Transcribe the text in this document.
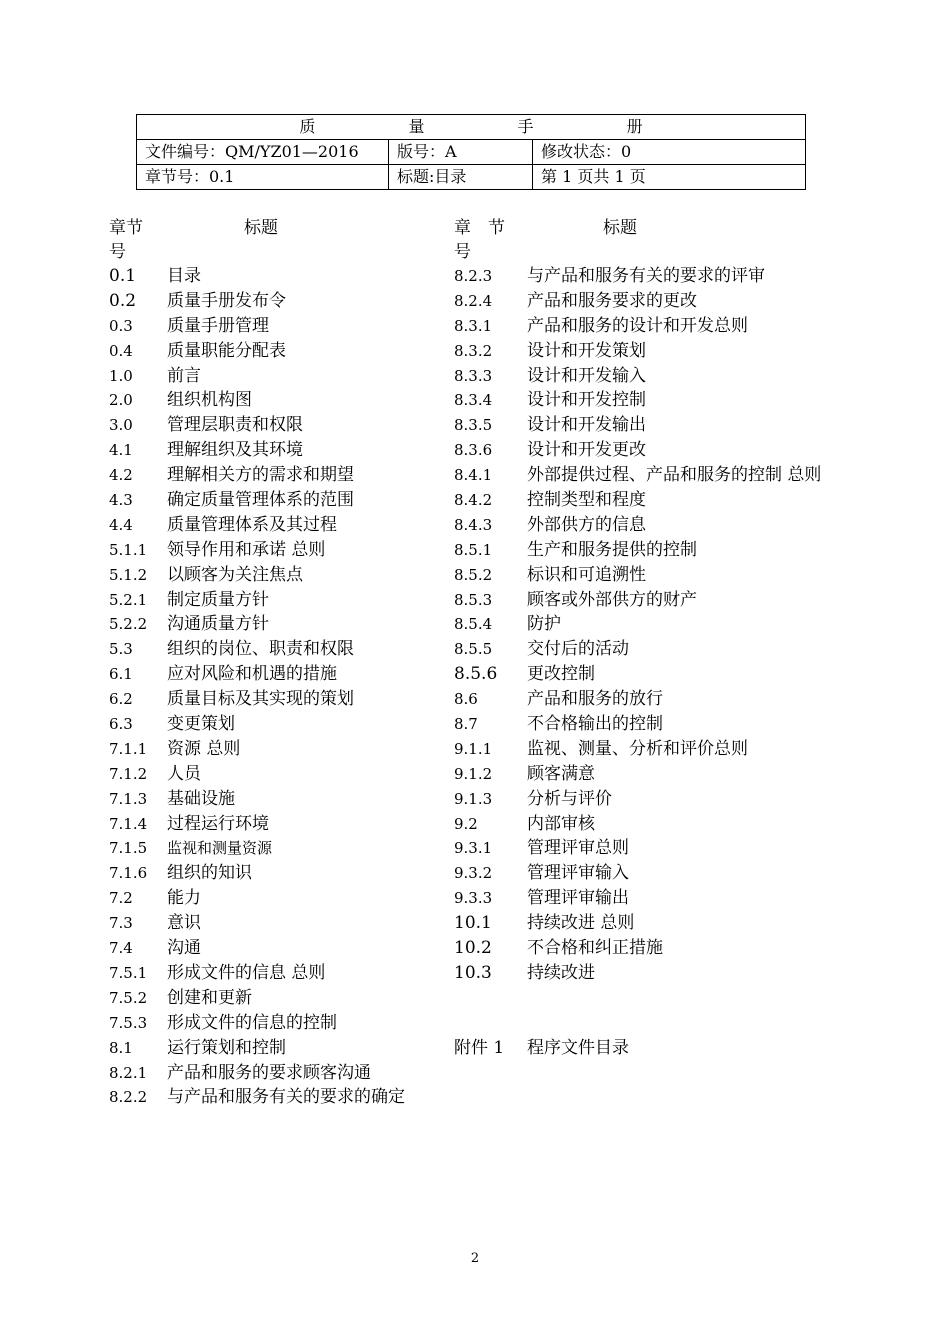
质 量 手 册		
文件编号：QM/YZ01—2016	版号：A	修改状态：0
章节号：0.1	标题:目录	第 1 页共 1 页
章节
号
标题
0.1 目录
0.2 质量手册发布令
0.3 质量手册管理
0.4 质量职能分配表
1.0 前言
2.0 组织机构图
3.0 管理层职责和权限
4.1 理解组织及其环境
4.2 理解相关方的需求和期望
4.3 确定质量管理体系的范围
4.4 质量管理体系及其过程
5.1.1 领导作用和承诺 总则
5.1.2 以顾客为关注焦点
5.2.1 制定质量方针
5.2.2 沟通质量方针
5.3 组织的岗位、职责和权限
6.1 应对风险和机遇的措施
6.2 质量目标及其实现的策划
6.3 变更策划
7.1.1 资源 总则
7.1.2 人员
7.1.3 基础设施
7.1.4 过程运行环境
7.1.5 监视和测量资源
7.1.6 组织的知识
7.2 能力
7.3 意识
7.4 沟通
7.5.1 形成文件的信息 总则
7.5.2 创建和更新
7.5.3 形成文件的信息的控制
8.1 运行策划和控制
8.2.1 产品和服务的要求顾客沟通
8.2.2 与产品和服务有关的要求的确定
章　节
号
标题
8.2.3 与产品和服务有关的要求的评审
8.2.4 产品和服务要求的更改
8.3.1 产品和服务的设计和开发总则
8.3.2 设计和开发策划
8.3.3 设计和开发输入
8.3.4 设计和开发控制
8.3.5 设计和开发输出
8.3.6 设计和开发更改
8.4.1 外部提供过程、产品和服务的控制 总则
8.4.2 控制类型和程度
8.4.3 外部供方的信息
8.5.1 生产和服务提供的控制
8.5.2 标识和可追溯性
8.5.3 顾客或外部供方的财产
8.5.4 防护
8.5.5 交付后的活动
8.5.6 更改控制
8.6	产品和服务的放行
8.7	不合格输出的控制
9.1.1 监视、测量、分析和评价总则
9.1.2 顾客满意
9.1.3 分析与评价
9.2	内部审核
9.3.1 管理评审总则
9.3.2 管理评审输入
9.3.3 管理评审输出
10.1 持续改进 总则
10.2 不合格和纠正措施
10.3 持续改进
附件 1 程序文件目录
2
